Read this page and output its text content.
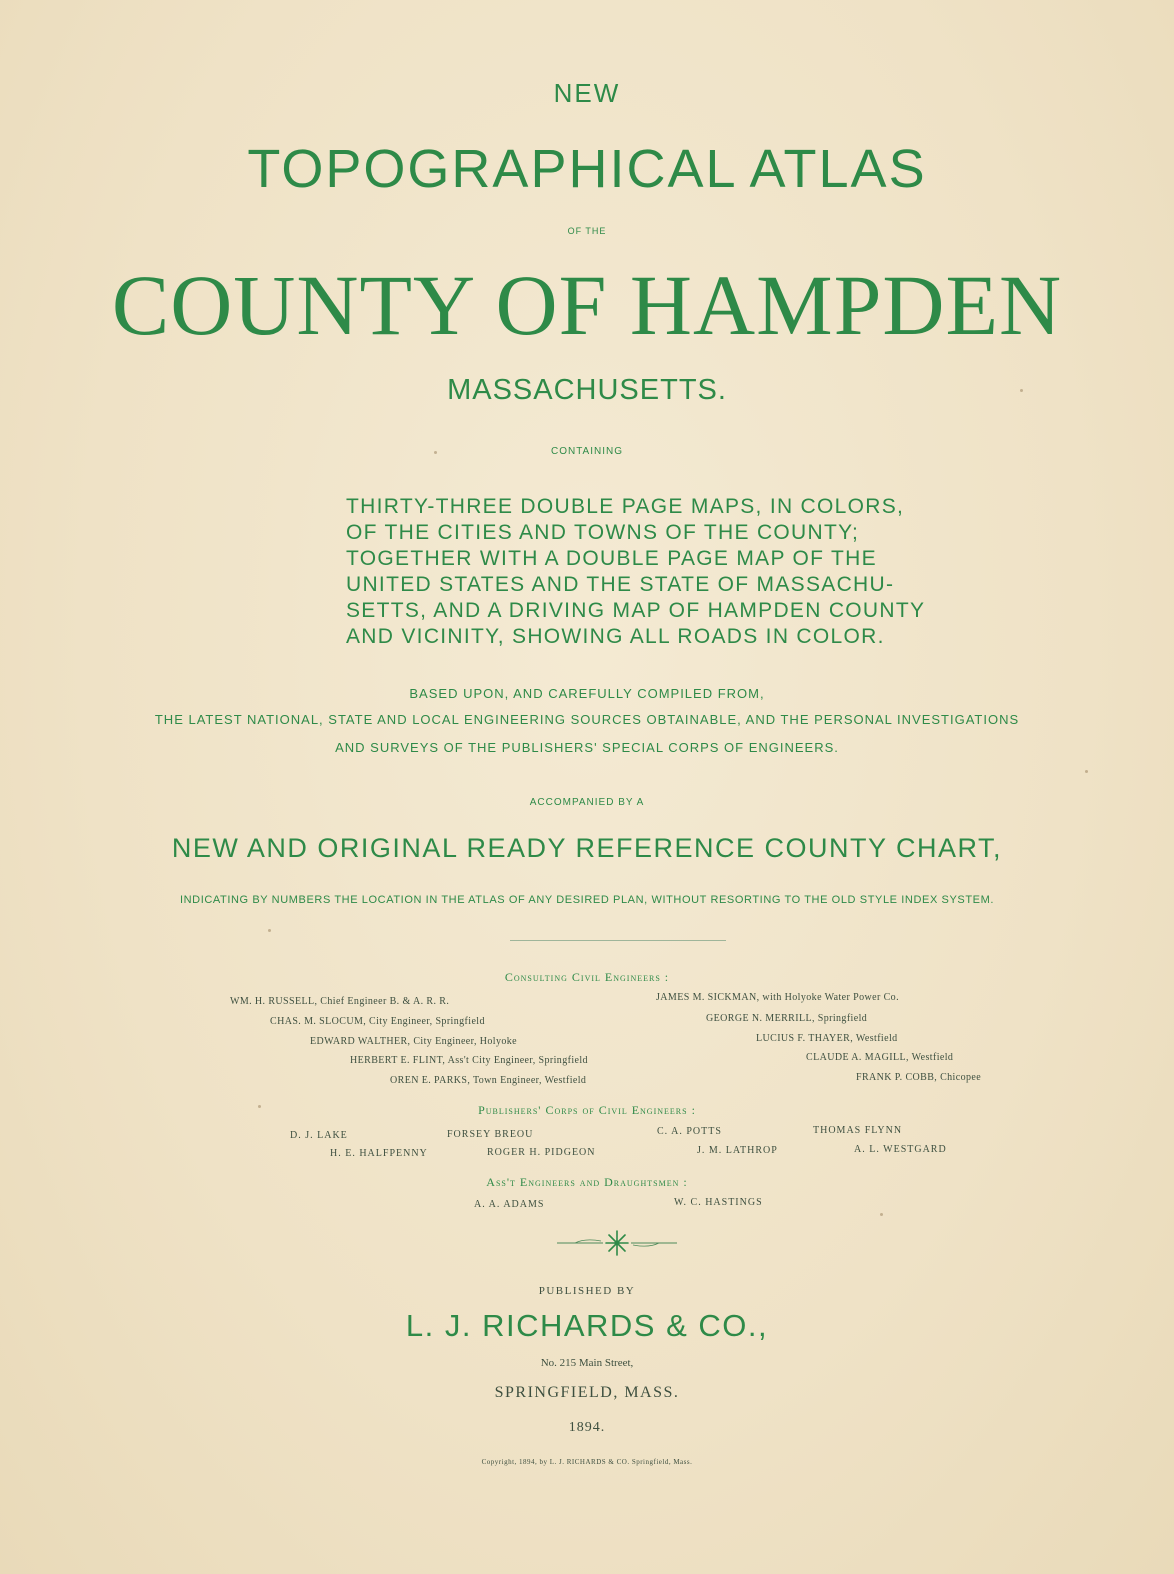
NEW
TOPOGRAPHICAL ATLAS
OF THE
COUNTY OF HAMPDEN
MASSACHUSETTS.
CONTAINING
THIRTY-THREE DOUBLE PAGE MAPS, IN COLORS,
OF THE CITIES AND TOWNS OF THE COUNTY;
TOGETHER WITH A DOUBLE PAGE MAP OF THE
UNITED STATES AND THE STATE OF MASSACHU-
SETTS, AND A DRIVING MAP OF HAMPDEN COUNTY
AND VICINITY, SHOWING ALL ROADS IN COLOR.
BASED UPON, AND CAREFULLY COMPILED FROM,
THE LATEST NATIONAL, STATE AND LOCAL ENGINEERING SOURCES OBTAINABLE, AND THE PERSONAL INVESTIGATIONS
AND SURVEYS OF THE PUBLISHERS' SPECIAL CORPS OF ENGINEERS.
ACCOMPANIED BY A
NEW AND ORIGINAL READY REFERENCE COUNTY CHART,
INDICATING BY NUMBERS THE LOCATION IN THE ATLAS OF ANY DESIRED PLAN, WITHOUT RESORTING TO THE OLD STYLE INDEX SYSTEM.
Consulting Civil Engineers :
WM. H. RUSSELL, Chief Engineer B. & A. R. R.
CHAS. M. SLOCUM, City Engineer, Springfield
EDWARD WALTHER, City Engineer, Holyoke
HERBERT E. FLINT, Ass't City Engineer, Springfield
OREN E. PARKS, Town Engineer, Westfield
JAMES M. SICKMAN, with Holyoke Water Power Co.
GEORGE N. MERRILL, Springfield
LUCIUS F. THAYER, Westfield
CLAUDE A. MAGILL, Westfield
FRANK P. COBB, Chicopee
Publishers' Corps of Civil Engineers :
D. J. LAKE	FORSEY BREOU	C. A. POTTS	THOMAS FLYNN
H. E. HALFPENNY	ROGER H. PIDGEON	J. M. LATHROP	A. L. WESTGARD
Ass't Engineers and Draughtsmen :
A. A. ADAMS	W. C. HASTINGS
PUBLISHED BY
L. J. RICHARDS & CO.,
No. 215 Main Street,
SPRINGFIELD, MASS.
1894.
Copyright, 1894, by L. J. RICHARDS & CO. Springfield, Mass.
